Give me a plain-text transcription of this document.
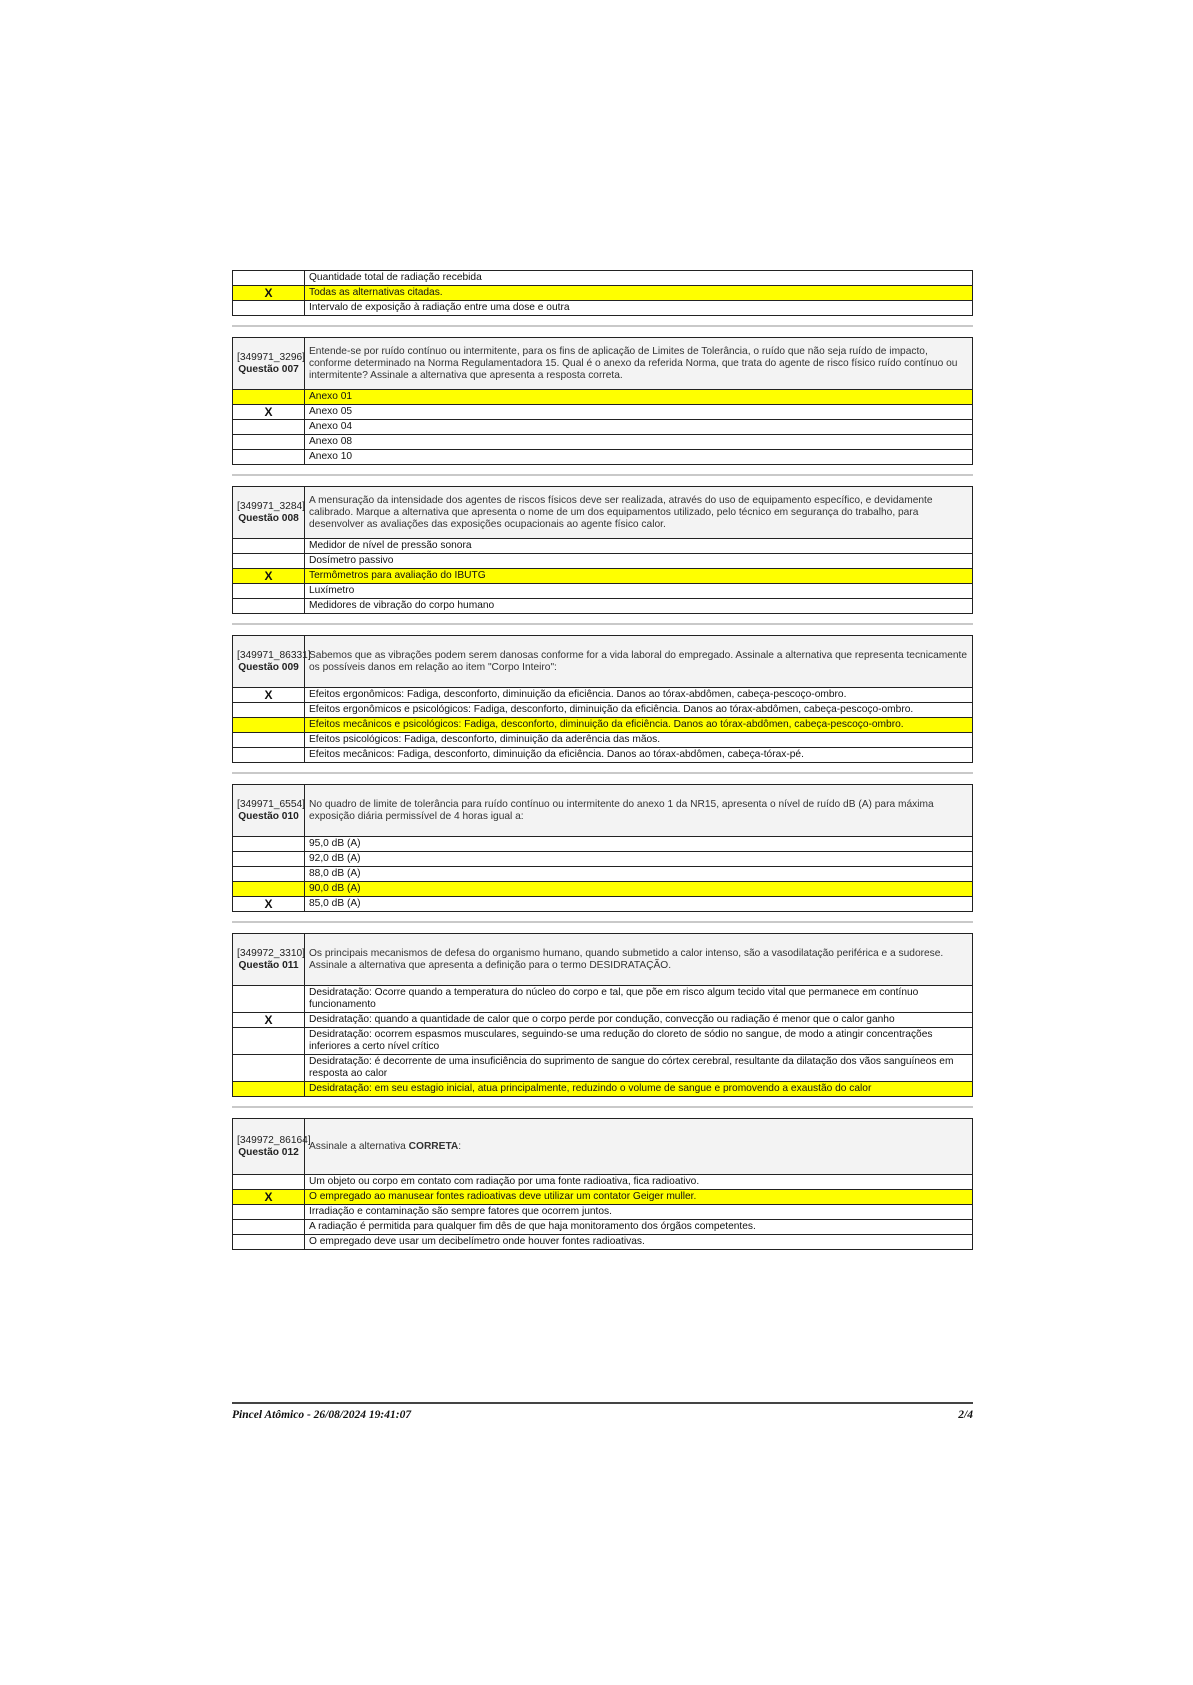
	Quantidade total de radiação recebida
X	Todas as alternativas citadas.
	Intervalo de exposição à radiação entre uma dose e outra
[349971_3296]
Questão 007	Entende-se por ruído contínuo ou intermitente, para os fins de aplicação de Limites de Tolerância, o ruído que não seja ruído de impacto, conforme determinado na Norma Regulamentadora 15. Qual é o anexo da referida Norma, que trata do agente de risco físico ruído contínuo ou intermitente? Assinale a alternativa que apresenta a resposta correta.
	Anexo 01
X	Anexo 05
	Anexo 04
	Anexo 08
	Anexo 10
[349971_3284]
Questão 008	A mensuração da intensidade dos agentes de riscos físicos deve ser realizada, através do uso de equipamento específico, e devidamente calibrado. Marque a alternativa que apresenta o nome de um dos equipamentos utilizado, pelo técnico em segurança do trabalho, para desenvolver as avaliações das exposições ocupacionais ao agente físico calor.
	Medidor de nível de pressão sonora
	Dosímetro passivo
X	Termômetros para avaliação do IBUTG
	Luxímetro
	Medidores de vibração do corpo humano
[349971_86331]
Questão 009	Sabemos que as vibrações podem serem danosas conforme for a vida laboral do empregado. Assinale a alternativa que representa tecnicamente os possíveis danos em relação ao item "Corpo Inteiro":
X	Efeitos ergonômicos: Fadiga, desconforto, diminuição da eficiência. Danos ao tórax-abdômen, cabeça-pescoço-ombro.
	Efeitos ergonômicos e psicológicos: Fadiga, desconforto, diminuição da eficiência. Danos ao tórax-abdômen, cabeça-pescoço-ombro.
	Efeitos mecânicos e psicológicos: Fadiga, desconforto, diminuição da eficiência. Danos ao tórax-abdômen, cabeça-pescoço-ombro.
	Efeitos psicológicos: Fadiga, desconforto, diminuição da aderência das mãos.
	Efeitos mecânicos: Fadiga, desconforto, diminuição da eficiência. Danos ao tórax-abdômen, cabeça-tórax-pé.
[349971_6554]
Questão 010	No quadro de limite de tolerância para ruído contínuo ou intermitente do anexo 1 da NR15, apresenta o nível de ruído dB (A) para máxima exposição diária permissível de 4 horas igual a:
	95,0 dB (A)
	92,0 dB (A)
	88,0 dB (A)
	90,0 dB (A)
X	85,0 dB (A)
[349972_3310]
Questão 011	Os principais mecanismos de defesa do organismo humano, quando submetido a calor intenso, são a vasodilatação periférica e a sudorese. Assinale a alternativa que apresenta a definição para o termo DESIDRATAÇÃO.
	Desidratação: Ocorre quando a temperatura do núcleo do corpo e tal, que põe em risco algum tecido vital que permanece em contínuo funcionamento
X	Desidratação: quando a quantidade de calor que o corpo perde por condução, convecção ou radiação é menor que o calor ganho
	Desidratação: ocorrem espasmos musculares, seguindo-se uma redução do cloreto de sódio no sangue, de modo a atingir concentrações inferiores a certo nível crítico
	Desidratação: é decorrente de uma insuficiência do suprimento de sangue do córtex cerebral, resultante da dilatação dos vãos sanguíneos em resposta ao calor
	Desidratação: em seu estagio inicial, atua principalmente, reduzindo o volume de sangue e promovendo a exaustão do calor
[349972_86164]
Questão 012	Assinale a alternativa CORRETA:
	Um objeto ou corpo em contato com radiação por uma fonte radioativa, fica radioativo.
X	O empregado ao manusear fontes radioativas deve utilizar um contator Geiger muller.
	Irradiação e contaminação são sempre fatores que ocorrem juntos.
	A radiação é permitida para qualquer fim dês de que haja monitoramento dos órgãos competentes.
	O empregado deve usar um decibelímetro onde houver fontes radioativas.
Pincel Atômico - 26/08/2024 19:41:07	2/4
